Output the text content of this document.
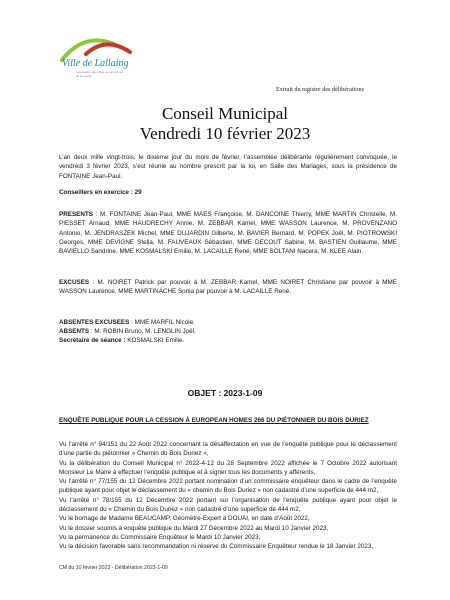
Ville de Lallaing
association des villes et communes du Douaisis
Extrait du registre des délibérations
Conseil Municipal
Vendredi 10 février 2023
L’an deux mille vingt-trois, le dixième jour du mois de février, l’assemblée délibérante régulièrement convoquée, le vendredi 3 février 2023, s’est réunie au nombre prescrit par la loi, en Salle des Mariages, sous la présidence de FONTAINE Jean-Paul.
Conseillers en exercice : 29
PRESENTS : M. FONTAINE Jean-Paul, MME MAES Françoise, M. DANCOINE Thierry, MME MARTIN Christelle, M. PIESSET Arnaud, MME HAUDRECHY Annie, M. ZEBBAR Kamel, MME WASSON Laurence, M. PROVENZANO Antonio, M. JENDRASZEK Michel, MME DUJARDIN Gilberte, M. BAVIER Bernard, M. POPEK Joël, M. PIOTROWSKI Georges, MME DEVIGNE Stella, M. FAUVEAUX Sébastien, MME DECOUT Sabine, M. BASTIEN Guillaume, MME BAVIELLO Sandrine, MME KOSMALSKI Emilie, M. LACAILLE René, MME SOLTANI Nacera, M. KLEE Alain.
EXCUSES : M. NOIRET Patrick par pouvoir à M. ZEBBAR Kamel, MME NOIRET Christiane par pouvoir à MME WASSON Laurence, MME MARTINACHE Sonia par pouvoir à M. LACAILLE René.
ABSENTES EXCUSEES : MME MARFIL Nicole.
ABSENTS : M. ROBIN Bruno, M. LENGLIN Joël.
Secrétaire de séance : KOSMALSKI Emilie.
OBJET : 2023-1-09
ENQUÊTE PUBLIQUE POUR LA CESSION À EUROPEAN HOMES 266 DU PIÉTONNIER DU BOIS DURIEZ
Vu l’arrêté n° 94/151 du 22 Août 2022 concernant la désaffectation en vue de l’enquête publique pour le déclassement d’une partie du piétonnier « Chemin du Bois Duriez »,
Vu la délibération du Conseil Municipal n° 2022-4-12 du 28 Septembre 2022 affichée le 7 Octobre 2022 autorisant Monsieur Le Maire à effectuer l’enquête publique et à signer tous les documents y afférents,
Vu l’arrêté n° 77/155 du 12 Décembre 2022 portant nomination d’un commissaire enquêteur dans le cadre de l’enquête publique ayant pour objet le déclassement du « chemin du Bois Duriez » non cadastré d’une superficie de 444 m2,
Vu l’arrêté n° 78/155 du 12 Décembre 2022 portant sur l’organisation de l’enquête publique ayant pour objet le déclassement du « Chemin du Bois Duriez » non cadastré d’une superficie de 444 m2,
Vu le bornage de Madame BEAUCAMP, Géomètre-Expert à DOUAI, en date d’Août 2022,
Vu le dossier soumis à enquête publique du Mardi 27 Décembre 2022 au Mardi 10 Janvier 2023,
Vu la permanence du Commissaire Enquêteur le Mardi 10 Janvier 2023,
Vu la décision favorable sans recommandation ni réserve du Commissaire Enquêteur rendue le 18 Janvier 2023,
CM du 10 février 2023 - Délibération 2023-1-09
